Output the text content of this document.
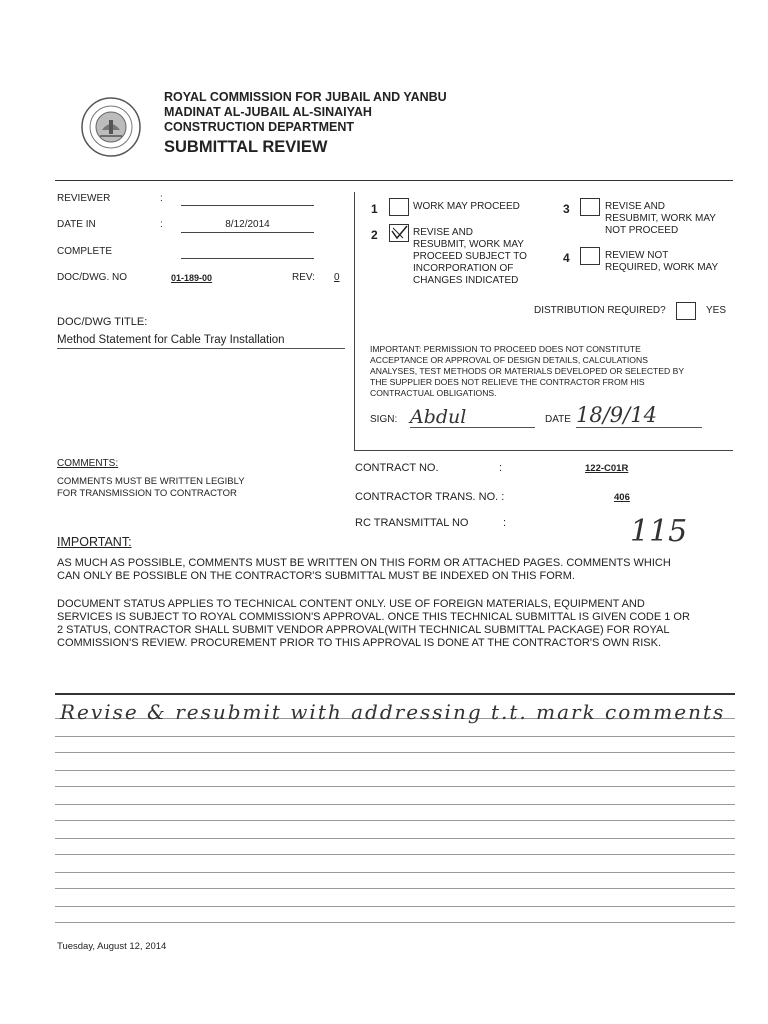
ROYAL COMMISSION FOR JUBAIL AND YANBU
MADINAT AL-JUBAIL AL-SINAIYAH
CONSTRUCTION DEPARTMENT
SUBMITTAL REVIEW
REVIEWER	:
DATE IN	:	8/12/2014
COMPLETE
DOC/DWG. NO	01-189-00	REV: 0
DOC/DWG TITLE:
Method Statement for Cable Tray Installation
1	WORK MAY PROCEED
2	REVISE AND
RESUBMIT, WORK MAY
PROCEED SUBJECT TO
INCORPORATION OF
CHANGES INDICATED
3	REVISE AND
RESUBMIT, WORK MAY
NOT PROCEED
4	REVIEW NOT
REQUIRED, WORK MAY
DISTRIBUTION REQUIRED?	YES
IMPORTANT: PERMISSION TO PROCEED DOES NOT CONSTITUTE
ACCEPTANCE OR APPROVAL OF DESIGN DETAILS, CALCULATIONS
ANALYSES, TEST METHODS OR MATERIALS DEVELOPED OR SELECTED BY
THE SUPPLIER DOES NOT RELIEVE THE CONTRACTOR FROM HIS
CONTRACTUAL OBLIGATIONS.
SIGN: Abdul	DATE 18/9/14
COMMENTS:
COMMENTS MUST BE WRITTEN LEGIBLY
FOR TRANSMISSION TO CONTRACTOR
CONTRACT NO.	:	122-C01R
CONTRACTOR TRANS. NO. :	406
RC TRANSMITTAL NO	:	115
IMPORTANT:
AS MUCH AS POSSIBLE, COMMENTS MUST BE WRITTEN ON THIS FORM OR ATTACHED PAGES. COMMENTS WHICH
CAN ONLY BE POSSIBLE ON THE CONTRACTOR'S SUBMITTAL MUST BE INDEXED ON THIS FORM.
DOCUMENT STATUS APPLIES TO TECHNICAL CONTENT ONLY. USE OF FOREIGN MATERIALS, EQUIPMENT AND
SERVICES IS SUBJECT TO ROYAL COMMISSION'S APPROVAL. ONCE THIS TECHNICAL SUBMITTAL IS GIVEN CODE 1 OR
2 STATUS, CONTRACTOR SHALL SUBMIT VENDOR APPROVAL(WITH TECHNICAL SUBMITTAL PACKAGE) FOR ROYAL
COMMISSION'S REVIEW. PROCUREMENT PRIOR TO THIS APPROVAL IS DONE AT THE CONTRACTOR'S OWN RISK.
Revise & resubmit with addressing t.t. mark comments
Tuesday, August 12, 2014
